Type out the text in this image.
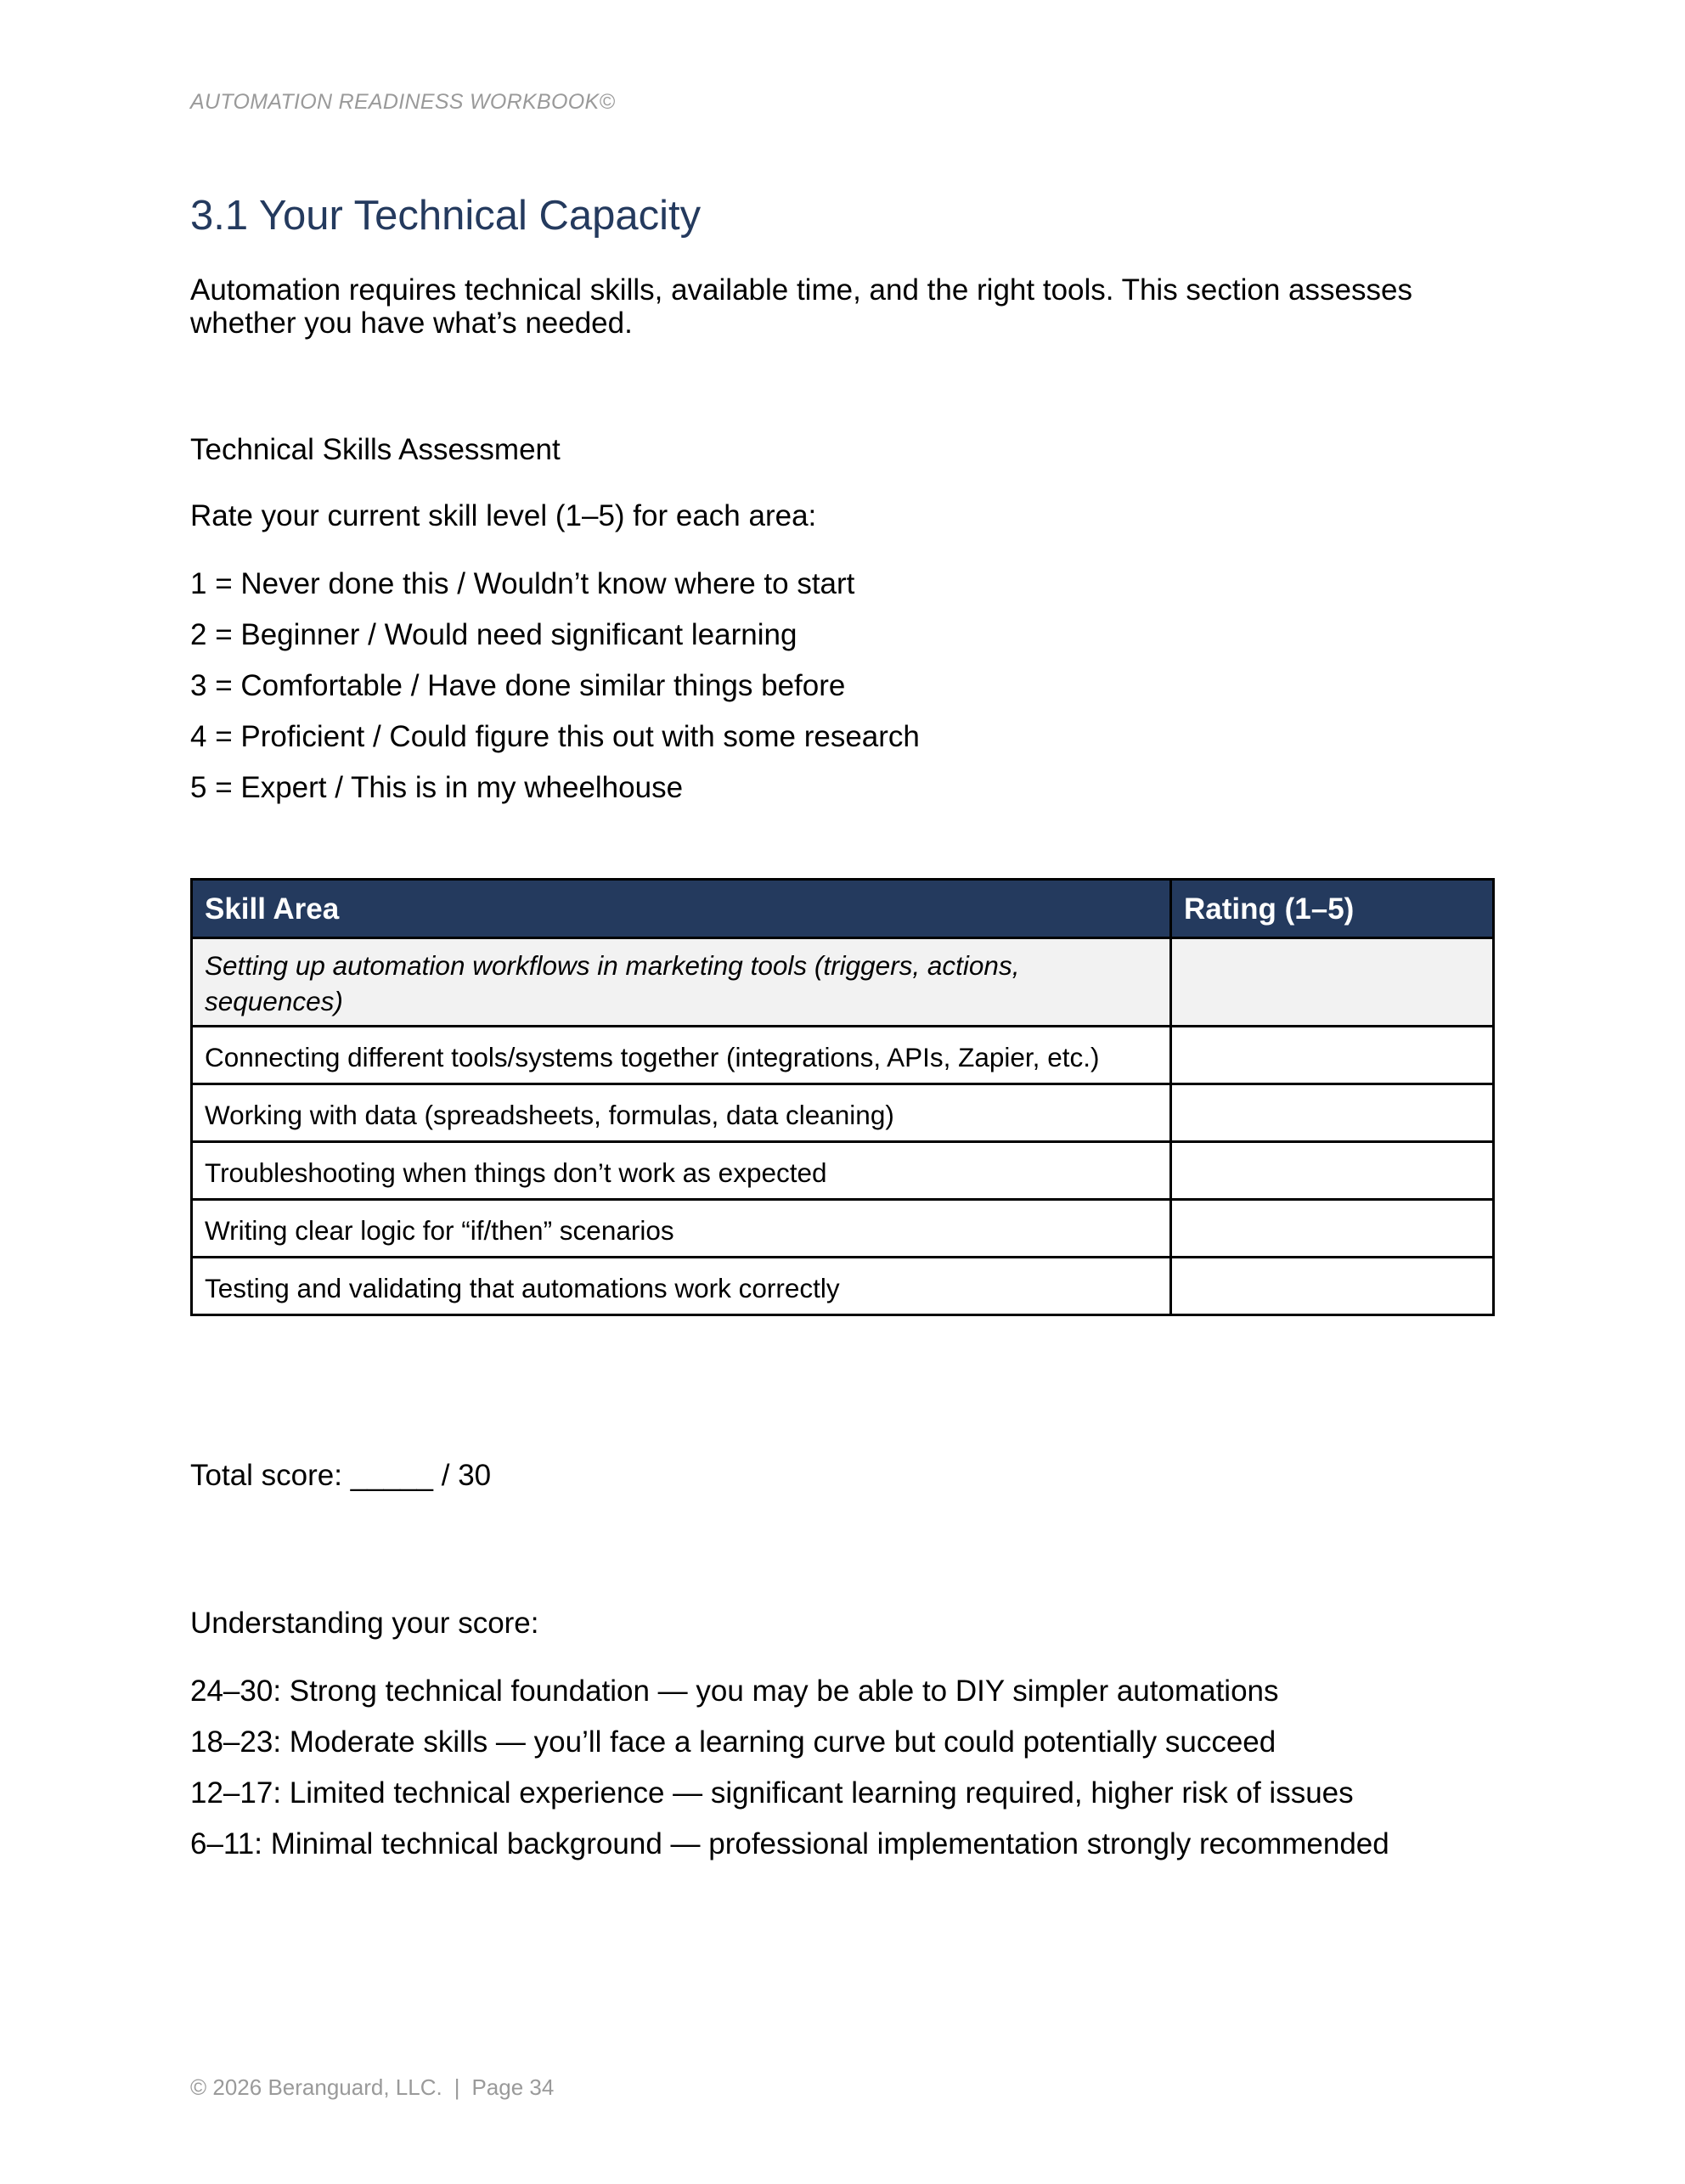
AUTOMATION READINESS WORKBOOK©
3.1 Your Technical Capacity

Automation requires technical skills, available time, and the right tools. This section assesses whether you have what’s needed.

Technical Skills Assessment

Rate your current skill level (1–5) for each area:

1 = Never done this / Wouldn’t know where to start
2 = Beginner / Would need significant learning
3 = Comfortable / Have done similar things before
4 = Proficient / Could figure this out with some research
5 = Expert / This is in my wheelhouse
Skill Area	Rating (1–5)
Setting up automation workflows in marketing tools (triggers, actions, sequences)	
Connecting different tools/systems together (integrations, APIs, Zapier, etc.)	
Working with data (spreadsheets, formulas, data cleaning)	
Troubleshooting when things don’t work as expected	
Writing clear logic for “if/then” scenarios	
Testing and validating that automations work correctly	

Total score: _____ / 30

Understanding your score:

24–30: Strong technical foundation — you may be able to DIY simpler automations
18–23: Moderate skills — you’ll face a learning curve but could potentially succeed
12–17: Limited technical experience — significant learning required, higher risk of issues
6–11: Minimal technical background — professional implementation strongly recommended
© 2026 Beranguard, LLC. | Page 34
